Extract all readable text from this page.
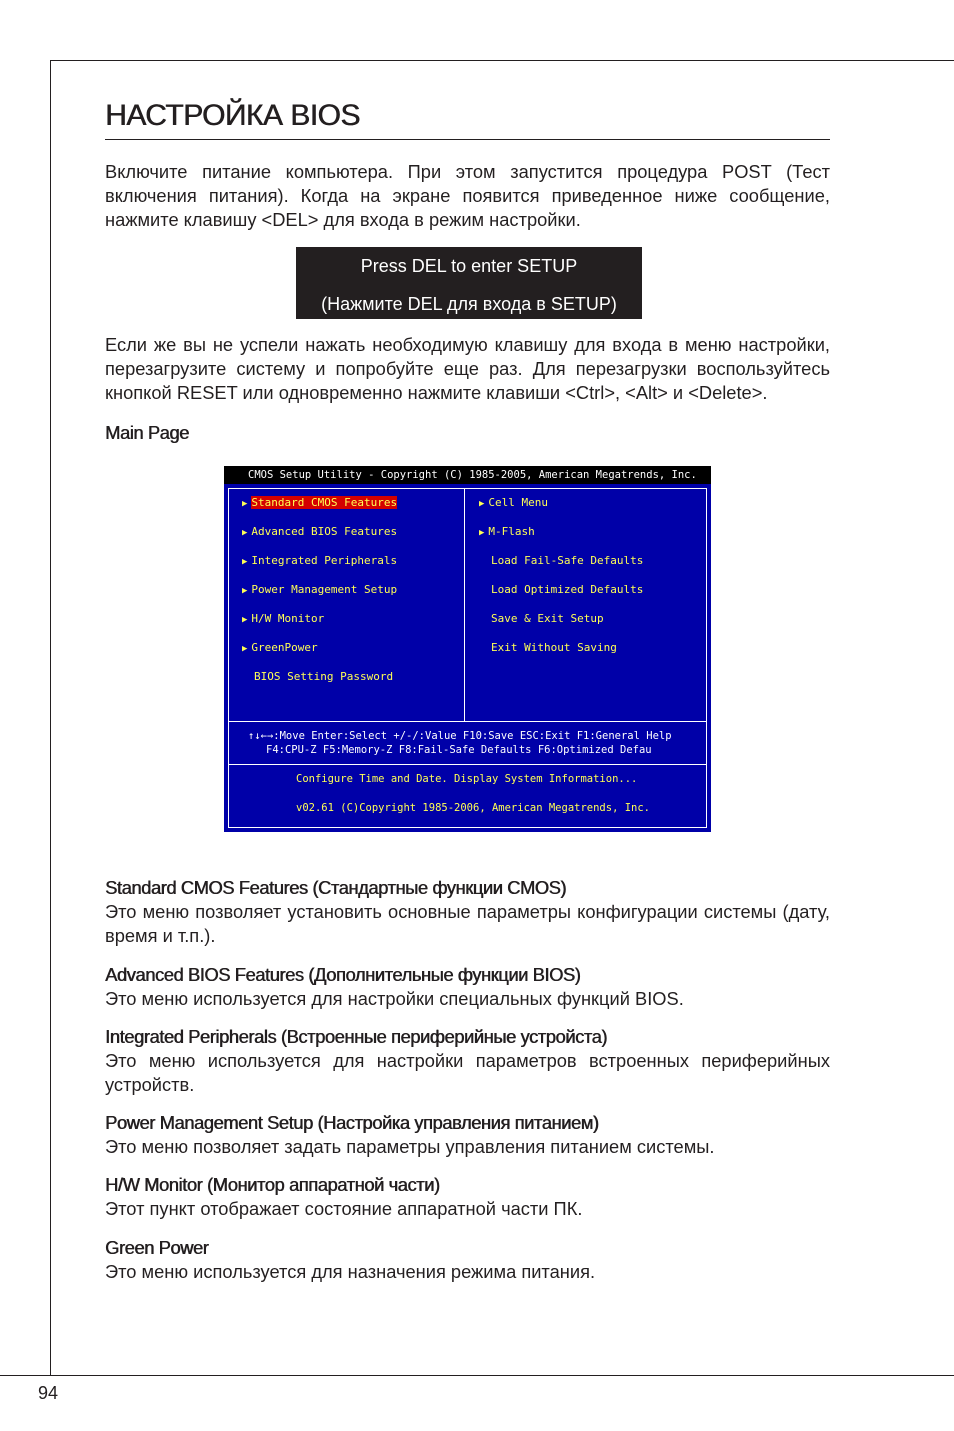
94
НАСТРОЙКА BIOS

Включите питание компьютера. При этом запустится процедура POST (Тест включения питания). Когда на экране появится приведенное ниже сообщение, нажмите клавишу <DEL> для входа в режим настройки.

Press DEL to enter SETUP
(Нажмите DEL для входа в SETUP)

Если же вы не успели нажать необходимую клавишу для входа в меню настройки, перезагрузите систему и попробуйте еще раз. Для перезагрузки воспользуйтесь кнопкой RESET или одновременно нажмите клавиши <Ctrl>, <Alt> и <Delete>.

Main Page
CMOS Setup Utility - Copyright (C) 1985-2005, American Megatrends, Inc.
▶ Standard CMOS Features
▶ Advanced BIOS Features
▶ Integrated Peripherals
▶ Power Management Setup
▶ H/W Monitor
▶ GreenPower
BIOS Setting Password
▶ Cell Menu
▶ M-Flash
Load Fail-Safe Defaults
Load Optimized Defaults
Save & Exit Setup
Exit Without Saving
↑↓←→:Move Enter:Select +/-/:Value F10:Save ESC:Exit F1:General Help
F4:CPU-Z F5:Memory-Z F8:Fail-Safe Defaults F6:Optimized Defau
Configure Time and Date. Display System Information...
v02.61 (C)Copyright 1985-2006, American Megatrends, Inc.
Standard CMOS Features (Стандартные функции CMOS)

Это меню позволяет установить основные параметры конфигурации системы (дату, время и т.п.).

Advanced BIOS Features (Дополнительные функции BIOS)

Это меню используется для настройки специальных функций BIOS.

Integrated Peripherals (Встроенные периферийные устройста)

Это меню используется для настройки параметров встроенных периферийных устройств.

Power Management Setup (Настройка управления питанием)

Это меню позволяет задать параметры управления питанием системы.

H/W Monitor (Монитор аппаратной части)

Этот пункт отображает состояние аппаратной части ПК.

Green Power

Это меню используется для назначения режима питания.
